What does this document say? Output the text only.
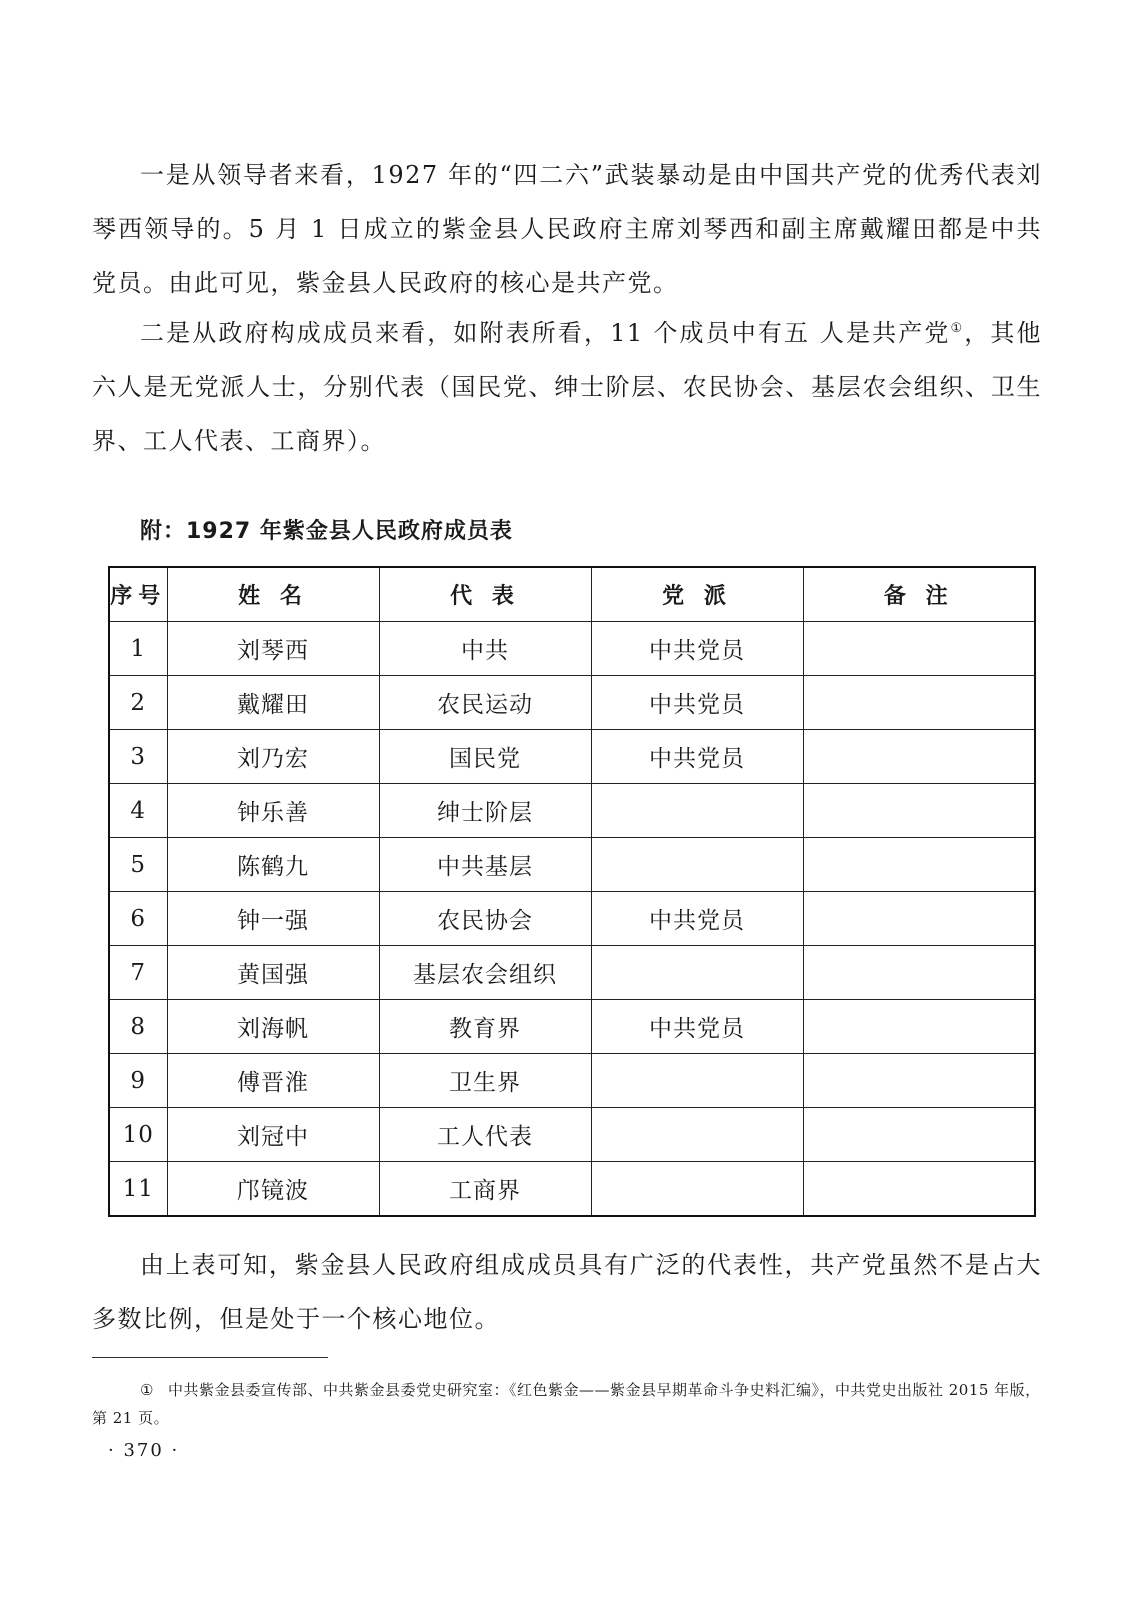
一是从领导者来看，1927 年的“四二六”武装暴动是由中国共产党的优秀代表刘琴西领导的。5 月 1 日成立的紫金县人民政府主席刘琴西和副主席戴耀田都是中共党员。由此可见，紫金县人民政府的核心是共产党。

二是从政府构成成员来看，如附表所看，11 个成员中有五 人是共产党①，其他六人是无党派人士，分别代表（国民党、绅士阶层、农民协会、基层农会组织、卫生界、工人代表、工商界）。

附：1927 年紫金县人民政府成员表
序号	姓 名	代 表	党 派	备 注
1	刘琴西	中共	中共党员	
2	戴耀田	农民运动	中共党员	
3	刘乃宏	国民党	中共党员	
4	钟乐善	绅士阶层		
5	陈鹤九	中共基层		
6	钟一强	农民协会	中共党员	
7	黄国强	基层农会组织		
8	刘海帆	教育界	中共党员	
9	傅晋淮	卫生界		
10	刘冠中	工人代表		
11	邝镜波	工商界		

由上表可知，紫金县人民政府组成成员具有广泛的代表性，共产党虽然不是占大多数比例，但是处于一个核心地位。

① 中共紫金县委宣传部、中共紫金县委党史研究室：《红色紫金——紫金县早期革命斗争史料汇编》，中共党史出版社 2015 年版，第 21 页。

· 370 ·
